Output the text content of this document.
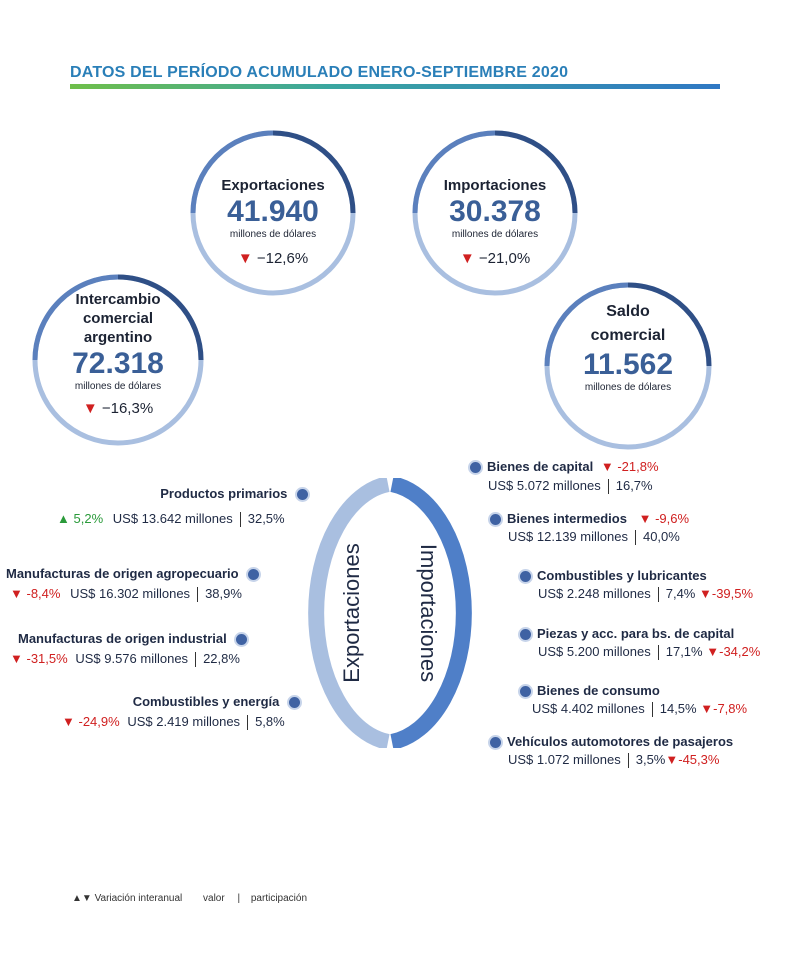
DATOS DEL PERÍODO ACUMULADO ENERO-SEPTIEMBRE 2020
Exportaciones
41.940
millones de dólares
▼ −12,6%
Importaciones
30.378
millones de dólares
▼ −21,0%
Intercambio
comercial
argentino
72.318
millones de dólares
▼ −16,3%
Saldo
comercial
11.562
millones de dólares
Exportaciones Importaciones
Productos primarios
▲ 5,2% US$ 13.642 millones 32,5%
Manufacturas de origen agropecuario
▼ -8,4% US$ 16.302 millones 38,9%
Manufacturas de origen industrial
▼ -31,5% US$ 9.576 millones 22,8%
Combustibles y energía
▼ -24,9% US$ 2.419 millones 5,8%
Bienes de capital ▼ -21,8%
US$ 5.072 millones 16,7%
Bienes intermedios ▼ -9,6%
US$ 12.139 millones 40,0%
Combustibles y lubricantes
US$ 2.248 millones 7,4% ▼-39,5%
Piezas y acc. para bs. de capital
US$ 5.200 millones 17,1% ▼-34,2%
Bienes de consumo
US$ 4.402 millones 14,5% ▼-7,8%
Vehículos automotores de pasajeros
US$ 1.072 millones 3,5%▼-45,3%
▲▼ Variación interanual valor | participación
